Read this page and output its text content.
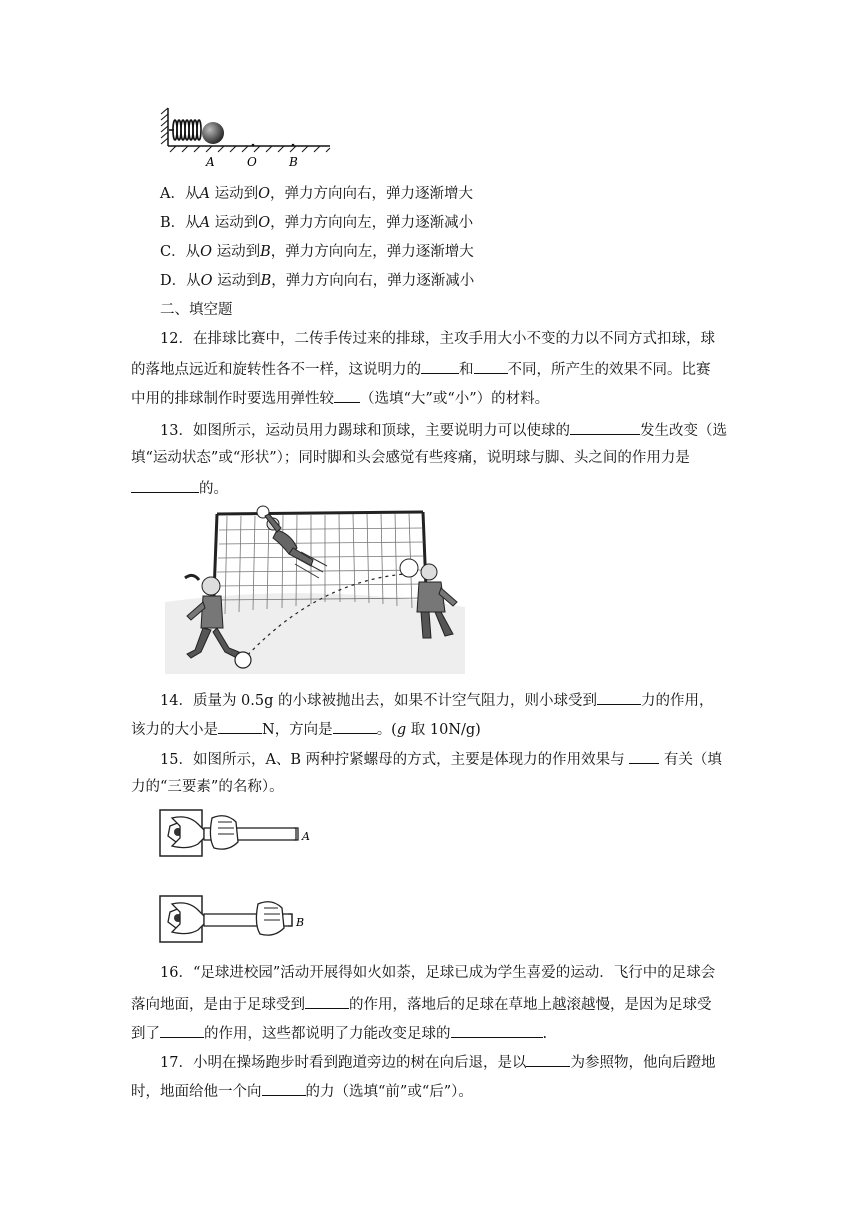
A	O	B
A．从A 运动到O，弹力方向向右，弹力逐渐增大
B．从A 运动到O，弹力方向向左，弹力逐渐减小
C．从O 运动到B，弹力方向向左，弹力逐渐增大
D．从O 运动到B，弹力方向向右，弹力逐渐减小
二、填空题
12．在排球比赛中，二传手传过来的排球，主攻手用大小不变的力以不同方式扣球，球
的落地点远近和旋转性各不一样，这说明力的	和 不同，所产生的效果不同。比赛
中用的排球制作时要选用弹性较 （选填“大”或“小”）的材料。
13．如图所示，运动员用力踢球和顶球，主要说明力可以使球的	发生改变（选
填“运动状态”或“形状”）；同时脚和头会感觉有些疼痛，说明球与脚、头之间的作用力是
的。
14．质量为 0.5g 的小球被抛出去，如果不计空气阻力，则小球受到	力的作用，
该力的大小是	N，方向是	。(g 取 10N/g)
15．如图所示，A、B 两种拧紧螺母的方式，主要是体现力的作用效果与	有关（填
力的“三要素”的名称）。
A
B
16．“足球进校园”活动开展得如火如荼，足球已成为学生喜爱的运动．飞行中的足球会
落向地面，是由于足球受到	的作用，落地后的足球在草地上越滚越慢，是因为足球受
到了	的作用，这些都说明了力能改变足球的	.
17．小明在操场跑步时看到跑道旁边的树在向后退，是以	为参照物，他向后蹬地
时，地面给他一个向	的力（选填“前”或“后”）。
